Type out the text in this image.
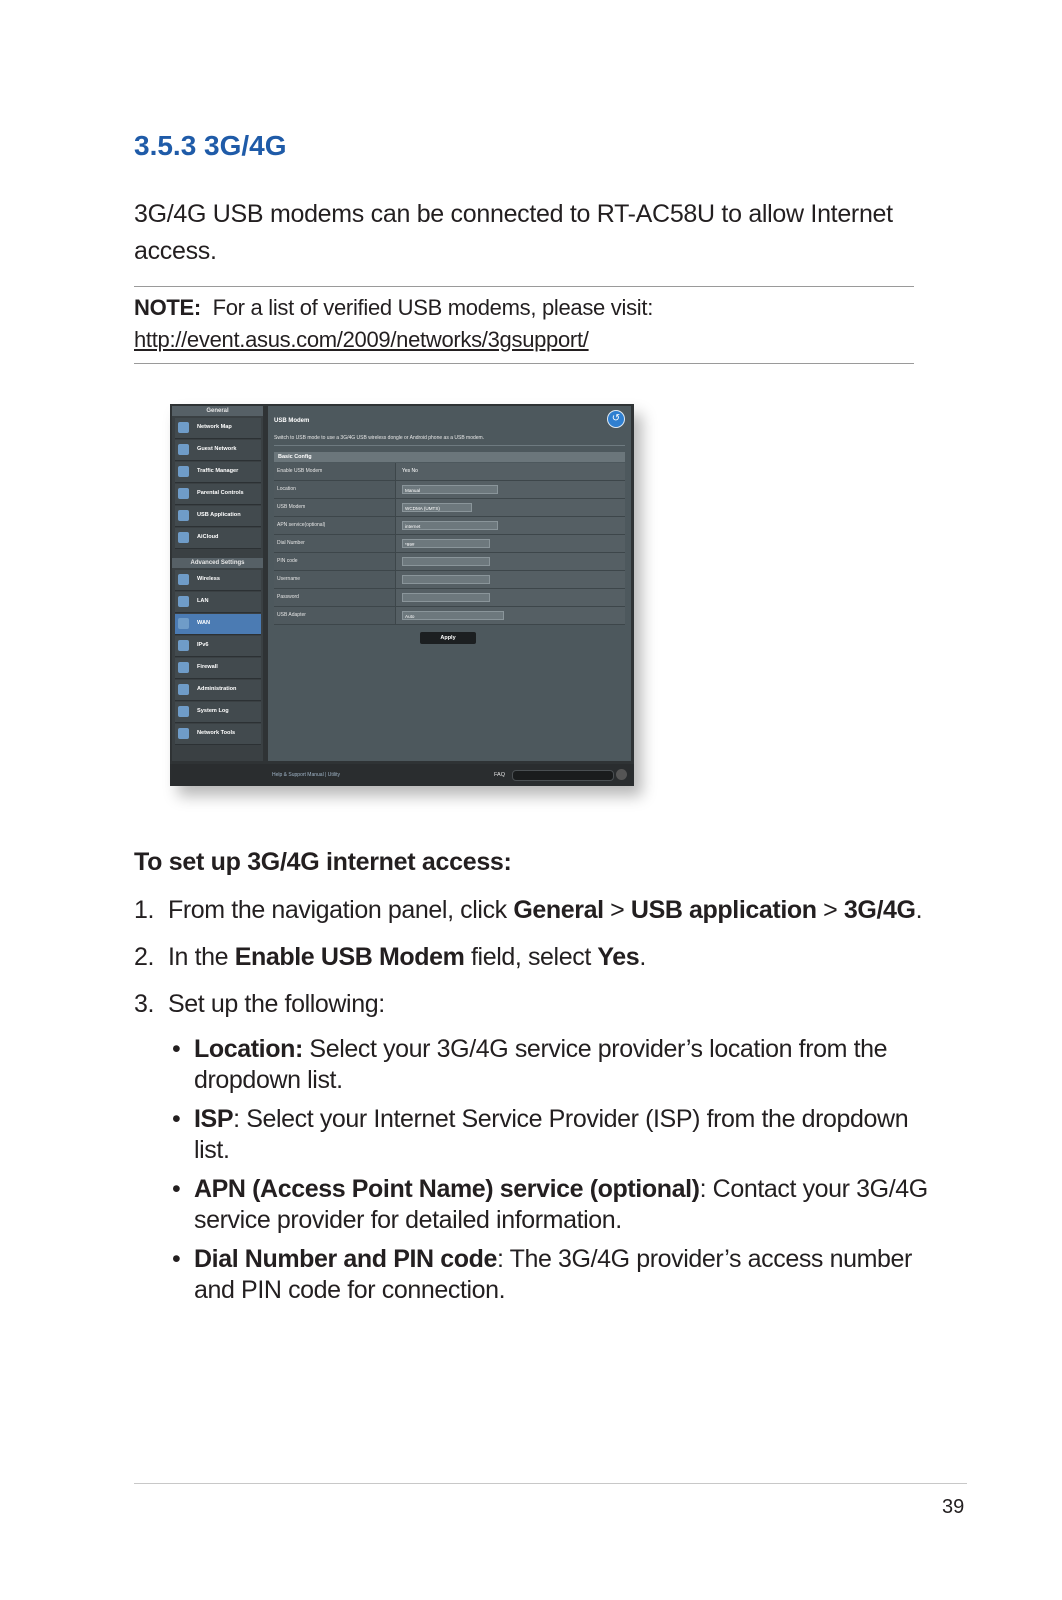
3.5.3 3G/4G
3G/4G USB modems can be connected to RT-AC58U to allow Internet access.
NOTE: For a list of verified USB modems, please visit:
http://event.asus.com/2009/networks/3gsupport/
General
Network Map
Guest Network
Traffic Manager
Parental Controls
USB Application
AiCloud
Advanced Settings
Wireless
LAN
WAN
IPv6
Firewall
Administration
System Log
Network Tools
USB Modem	↺
Switch to USB mode to use a 3G/4G USB wireless dongle or Android phone as a USB modem.
Basic Config
Enable USB Modem	Yes No
Location	Manual
USB Modem	WCDMA (UMTS)
APN service(optional)	internet
Dial Number	*99#
PIN code
Username
Password
USB Adapter	Auto
Apply
Help & Support Manual | Utility	FAQ
To set up 3G/4G internet access:
1. From the navigation panel, click General > USB application > 3G/4G.
2. In the Enable USB Modem field, select Yes.
3. Set up the following:
• Location: Select your 3G/4G service provider’s location from the dropdown list.
• ISP: Select your Internet Service Provider (ISP) from the dropdown list.
• APN (Access Point Name) service (optional): Contact your 3G/4G service provider for detailed information.
• Dial Number and PIN code: The 3G/4G provider’s access number and PIN code for connection.
39
